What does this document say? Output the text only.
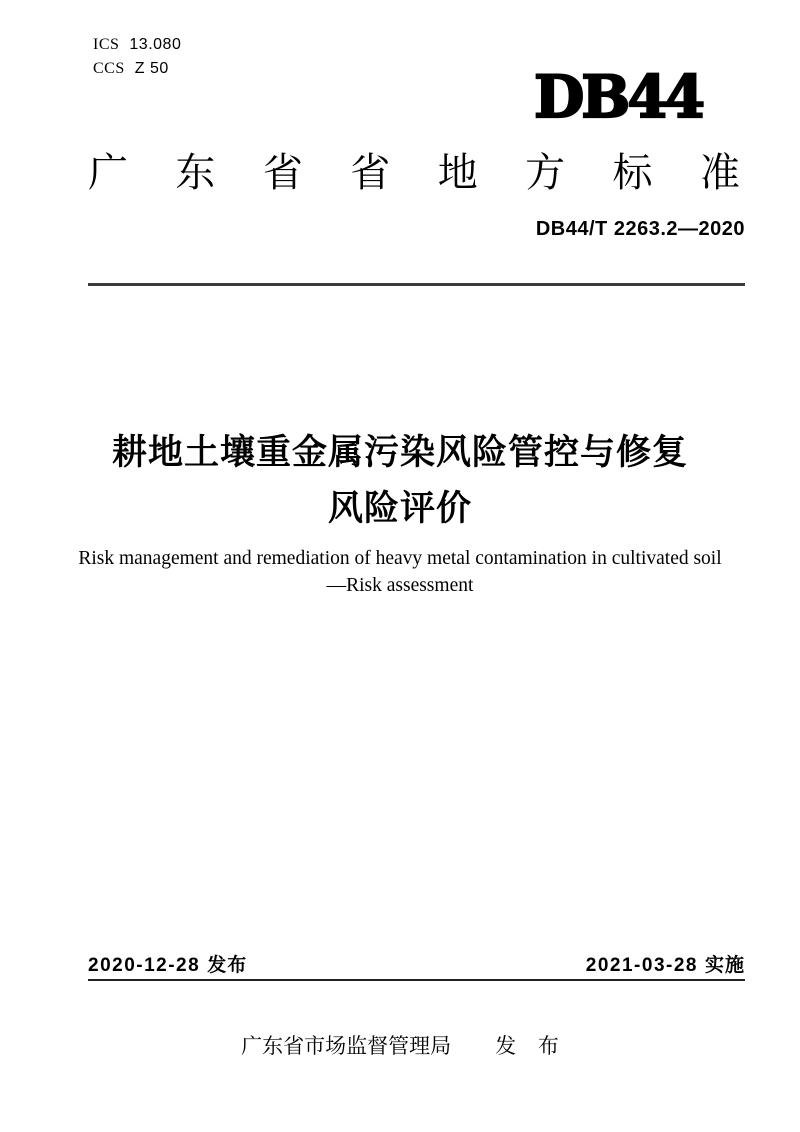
ICS 13.080
CCS Z 50	DB44
广 东 省 省 地 方 标 准
DB44/T 2263.2—2020
耕地土壤重金属污染风险管控与修复
风险评价
Risk management and remediation of heavy metal contamination in cultivated soil
—Risk assessment
2020-12-28 发布	2021-03-28 实施
广东省市场监督管理局 发 布
